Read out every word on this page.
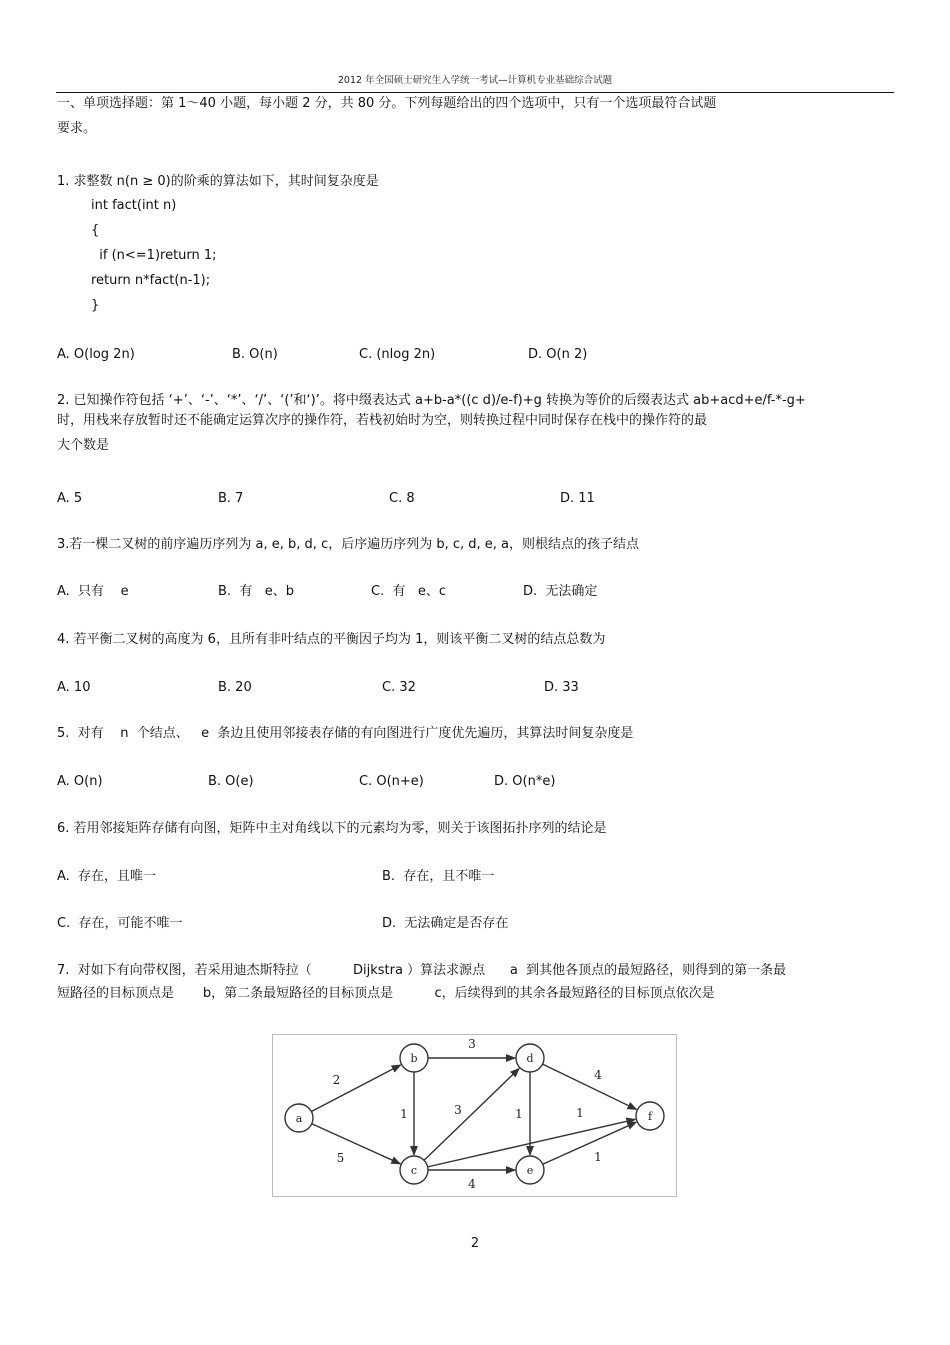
2012 年全国硕士研究生入学统一考试—计算机专业基础综合试题
一、单项选择题：第 1～40 小题，每小题 2 分，共 80 分。下列每题给出的四个选项中，只有一个选项最符合试题
要求。
1. 求整数 n(n ≥ 0)的阶乘的算法如下，其时间复杂度是
int fact(int n)
{
if (n<=1)return 1;
return n*fact(n-1);
}
A. O(log 2n)	B. O(n)	C. (nlog 2n)	D. O(n 2)
2. 已知操作符包括 ‘+’、‘-’、‘*’、‘/’、‘(’和‘)’。将中缀表达式 a+b-a*((c d)/e-f)+g 转换为等价的后缀表达式 ab+acd+e/f-*-g+
时，用栈来存放暂时还不能确定运算次序的操作符，若栈初始时为空，则转换过程中同时保存在栈中的操作符的最
大个数是
A. 5	B. 7	C. 8	D. 11
3.若一棵二叉树的前序遍历序列为 a, e, b, d, c，后序遍历序列为 b, c, d, e, a，则根结点的孩子结点
A.  只有    e	B.  有   e、b	C.  有   e、c	D.  无法确定
4. 若平衡二叉树的高度为 6，且所有非叶结点的平衡因子均为 1，则该平衡二叉树的结点总数为
A. 10	B. 20	C. 32	D. 33
5.  对有    n  个结点、   e  条边且使用邻接表存储的有向图进行广度优先遍历，其算法时间复杂度是
A. O(n)	B. O(e)	C. O(n+e)	D. O(n*e)
6. 若用邻接矩阵存储有向图，矩阵中主对角线以下的元素均为零，则关于该图拓扑序列的结论是
A.  存在，且唯一	B.  存在，且不唯一
C.  存在，可能不唯一	D.  无法确定是否存在
7.  对如下有向带权图，若采用迪杰斯特拉（          Dijkstra ）算法求源点      a  到其他各顶点的最短路径，则得到的第一条最
短路径的目标顶点是       b，第二条最短路径的目标顶点是          c，后续得到的其余各最短路径的目标顶点依次是
2
5
3
1	3
4
1
1
4
1
a
b
c
d
e
f
2
